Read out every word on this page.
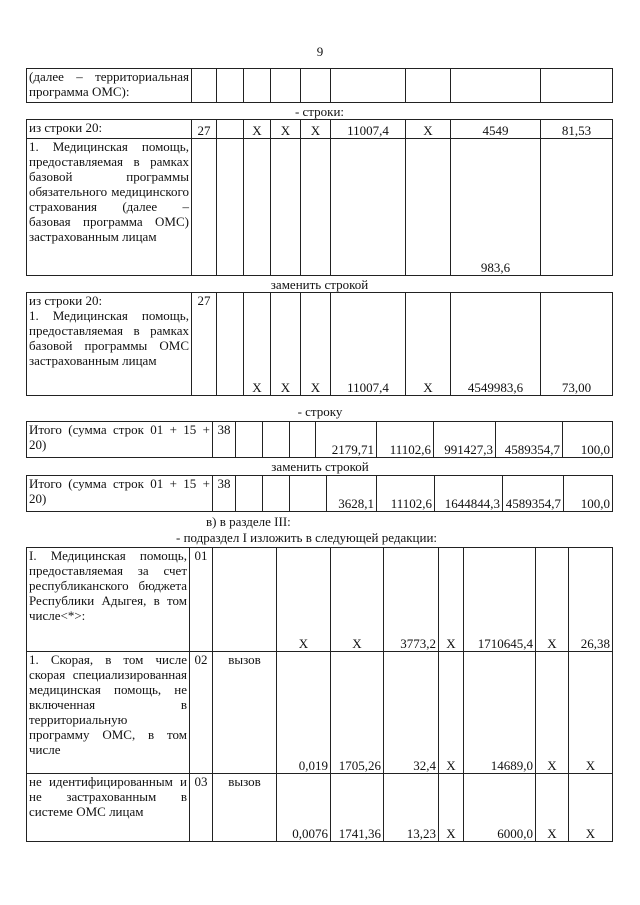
9
(далее – территориальная программа ОМС):									
- строки:									
из строки 20:	27		X	X	X	11007,4	X	4549	81,53
1. Медицинская помощь, предоставляемая в рамках базовой программы обязательного медицинского страхования (далее – базовая программа ОМС) застрахованным лицам								983,6	
заменить строкой									

из строки 20:
1. Медицинская помощь, предоставляемая в рамках базовой программы ОМС застрахованным лицам	27		X	X	X	11007,4	X	4549983,6	73,00
- строку
Итого (сумма строк 01 + 15 + 20)	38				2179,71	11102,6	991427,3	4589354,7	100,0
заменить строкой
Итого (сумма строк 01 + 15 + 20)	38				3628,1	11102,6	1644844,3	4589354,7	100,0
в) в разделе III:
- подраздел I изложить в следующей редакции:
I. Медицинская помощь, предоставляемая за счет республиканского бюджета Республики Адыгея, в том числе<*>:	01		X	X	3773,2	X	1710645,4	X	26,38
1. Скорая, в том числе скорая специализированная медицинская помощь, не включенная в территориальную программу ОМС, в том числе	02	вызов	0,019	1705,26	32,4	X	14689,0	X	X
не идентифицированным и не застрахованным в системе ОМС лицам	03	вызов	0,0076	1741,36	13,23	X	6000,0	X	X
